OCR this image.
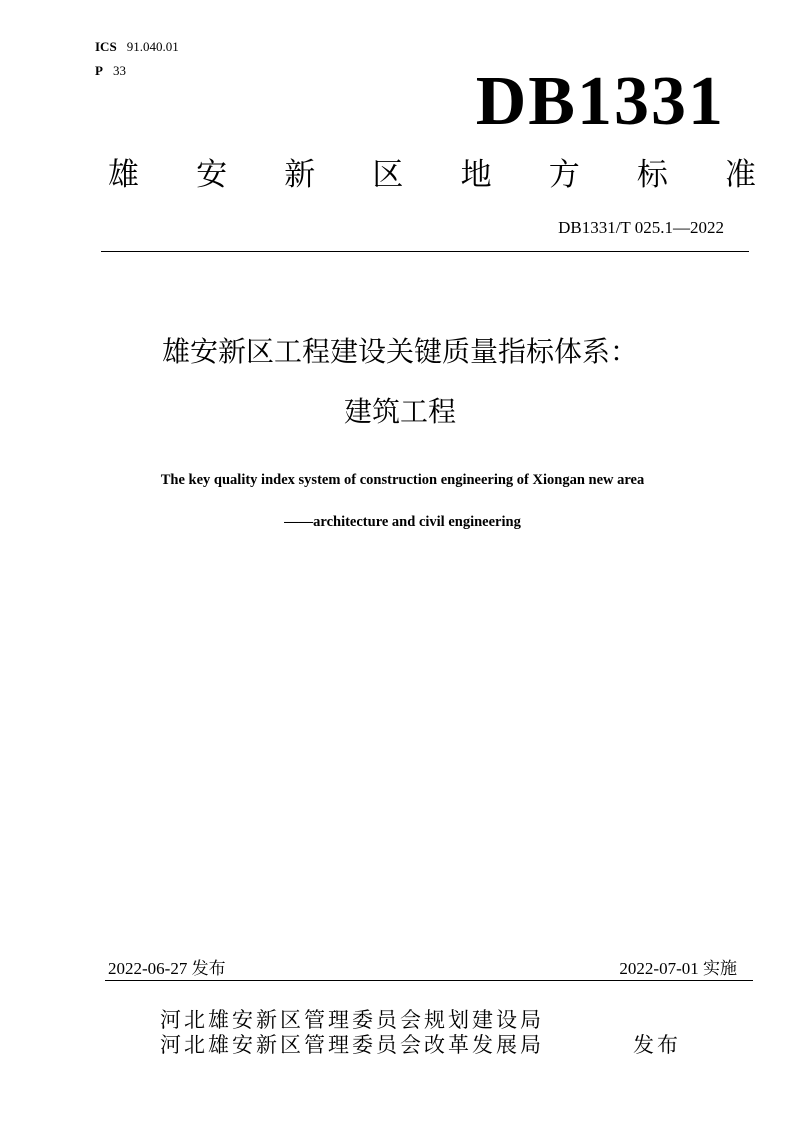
ICS 91.040.01
P 33	DB1331
雄 安 新 区 地 方 标 准
DB1331/T 025.1—2022
雄安新区工程建设关键质量指标体系：
建筑工程
The key quality index system of construction engineering of Xiongan new area
——architecture and civil engineering
2022-06-27 发布	2022-07-01 实施
河北雄安新区管理委员会规划建设局
河北雄安新区管理委员会改革发展局	发布
